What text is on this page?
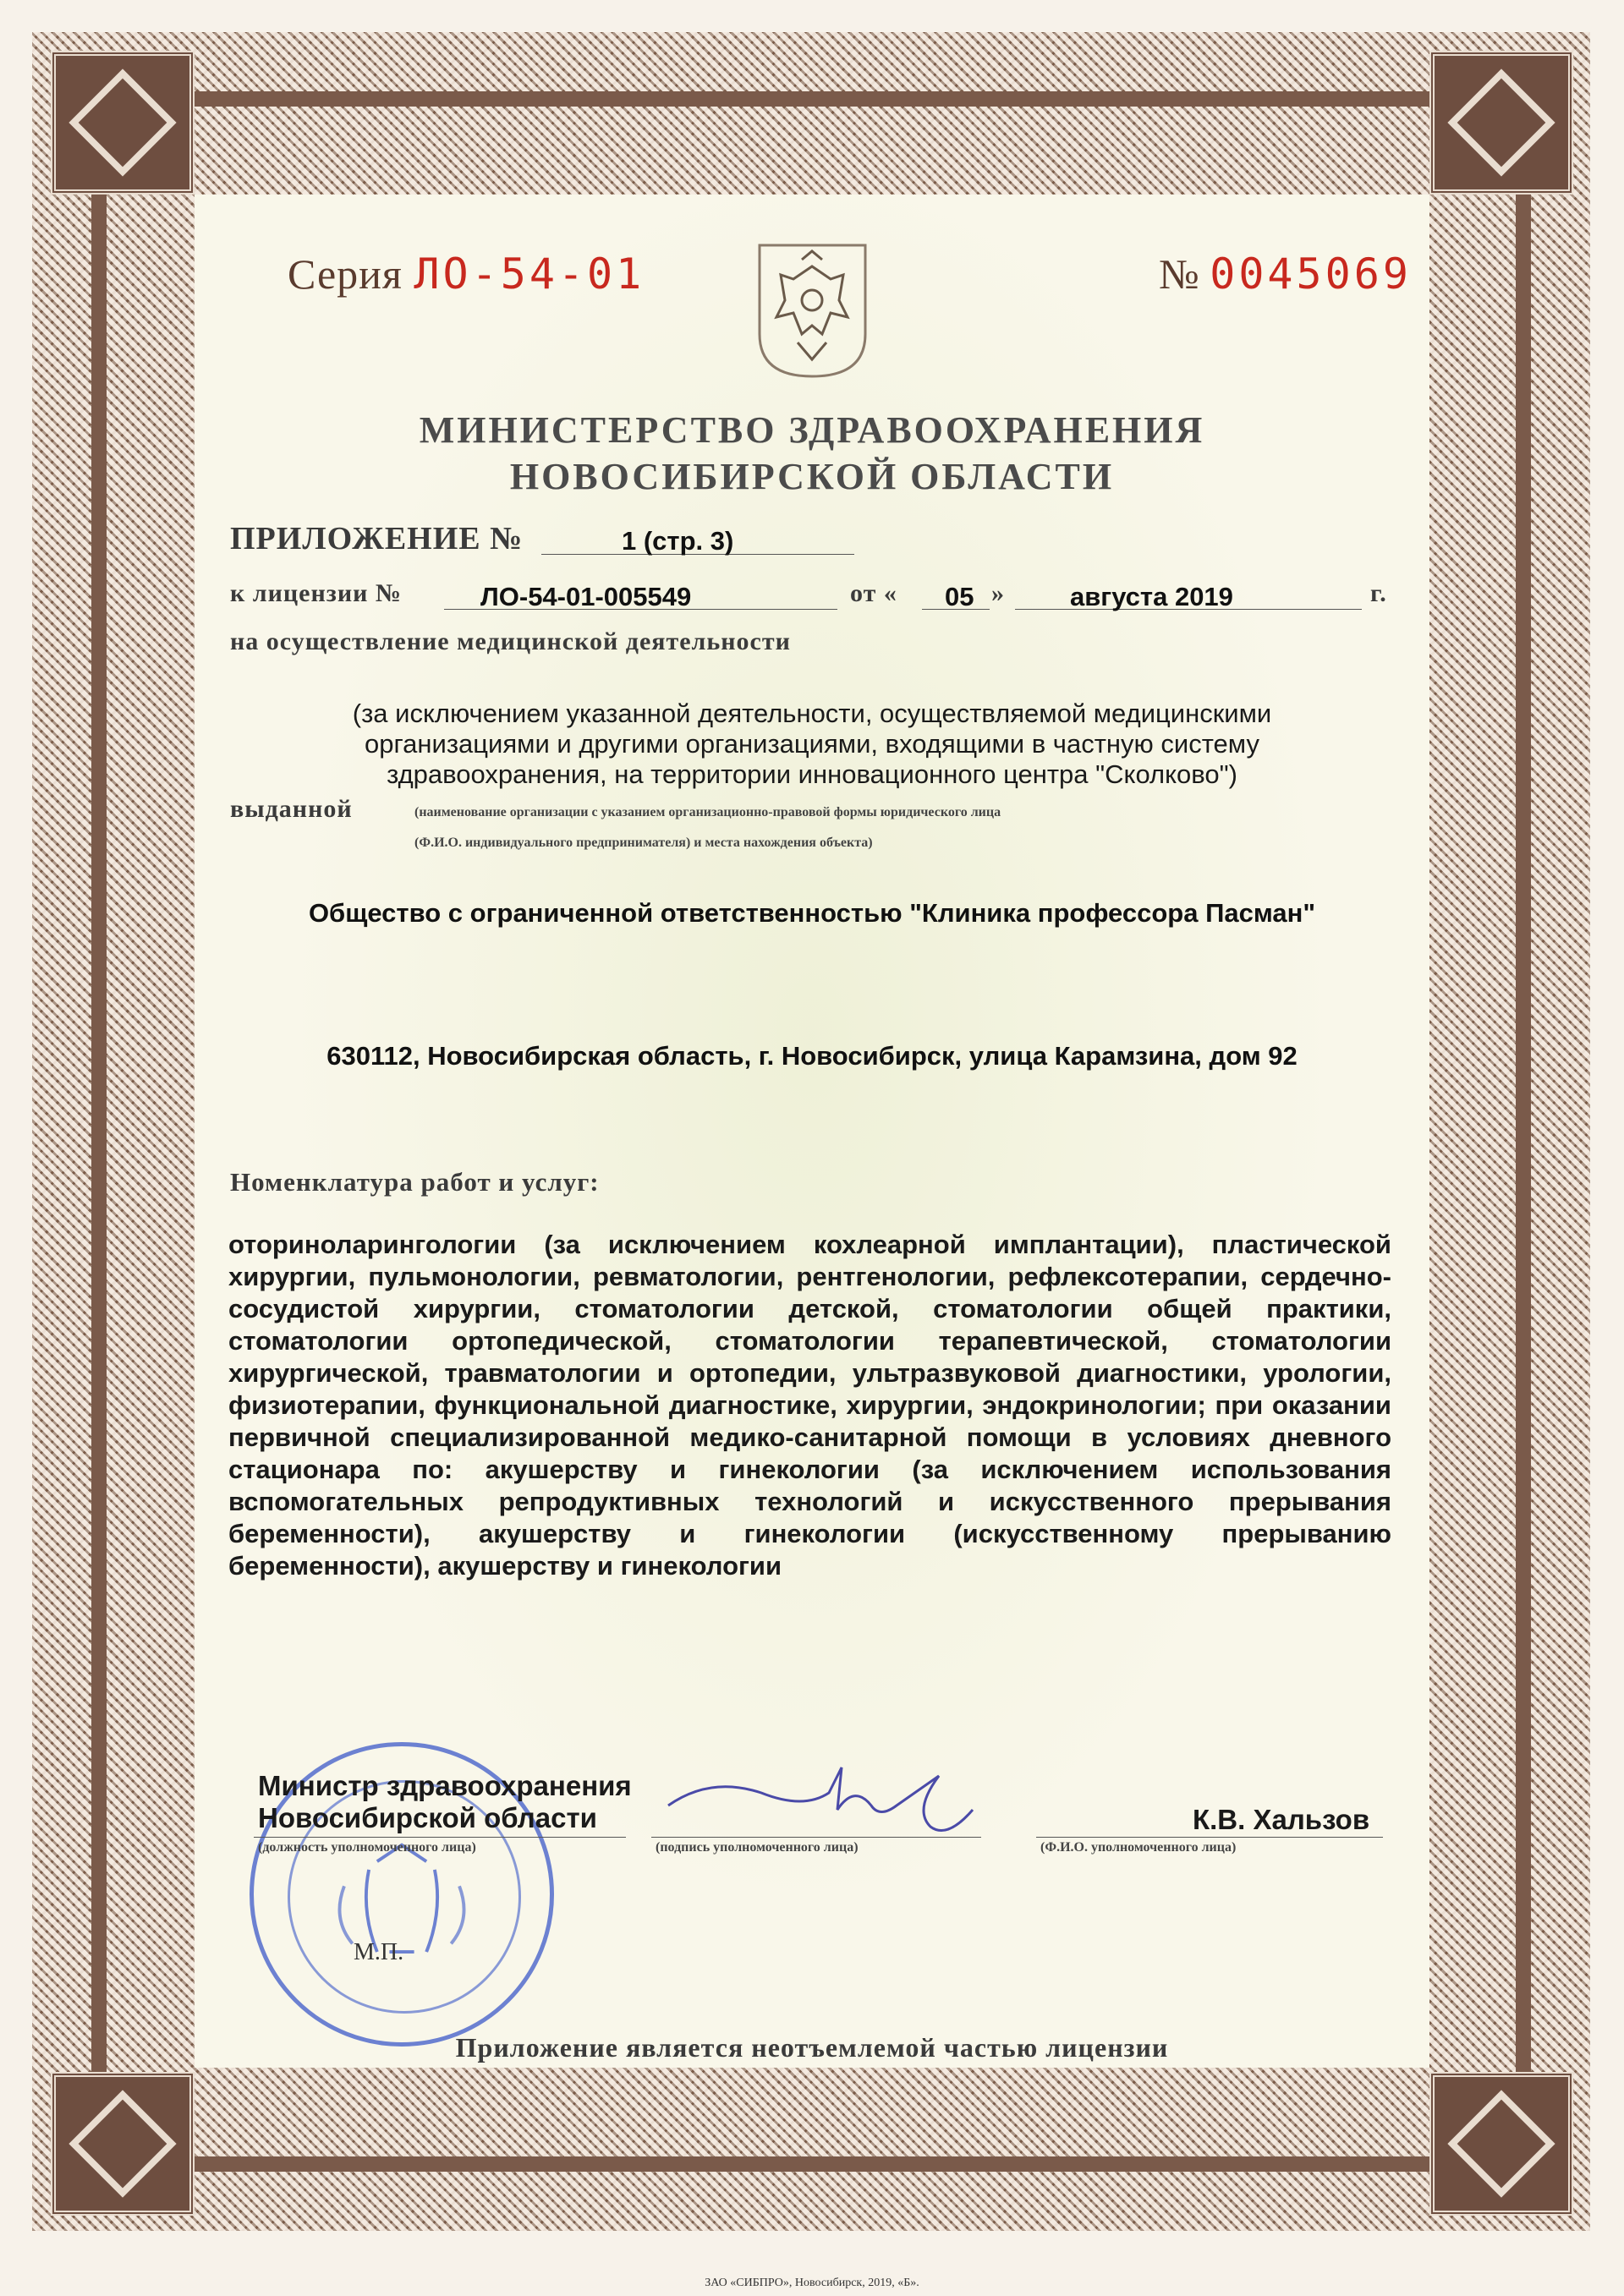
Серия ЛО-54-01	№ 0045069
МИНИСТЕРСТВО ЗДРАВООХРАНЕНИЯ
НОВОСИБИРСКОЙ ОБЛАСТИ
ПРИЛОЖЕНИЕ №	1 (стр. 3)
к лицензии №	ЛО-54-01-005549	от « 05 » августа 2019	г.
на осуществление медицинской деятельности
(за исключением указанной деятельности, осуществляемой медицинскими
организациями и другими организациями, входящими в частную систему
здравоохранения, на территории инновационного центра "Сколково")
выданной	(наименование организации с указанием организационно-правовой формы юридического лица
(Ф.И.О. индивидуального предпринимателя) и места нахождения объекта)
Общество с ограниченной ответственностью "Клиника профессора Пасман"
630112, Новосибирская область, г. Новосибирск, улица Карамзина, дом 92
Номенклатура работ и услуг:
оториноларингологии (за исключением кохлеарной имплантации), пластической хирургии, пульмонологии, ревматологии, рентгенологии, рефлексотерапии, сердечно-сосудистой хирургии, стоматологии детской, стоматологии общей практики, стоматологии ортопедической, стоматологии терапевтической, стоматологии хирургической, травматологии и ортопедии, ультразвуковой диагностики, урологии, физиотерапии, функциональной диагностике, хирургии, эндокринологии; при оказании первичной специализированной медико-санитарной помощи в условиях дневного стационара по: акушерству и гинекологии (за исключением использования вспомогательных репродуктивных технологий и искусственного прерывания беременности), акушерству и гинекологии (искусственному прерыванию беременности), акушерству и гинекологии
М.П.
Министр здравоохранения
Новосибирской области
(должность уполномоченного лица)	(подпись уполномоченного лица)
К.В. Хальзов
(Ф.И.О. уполномоченного лица)
Приложение является неотъемлемой частью лицензии
ЗАО «СИБПРО», Новосибирск, 2019, «Б».
